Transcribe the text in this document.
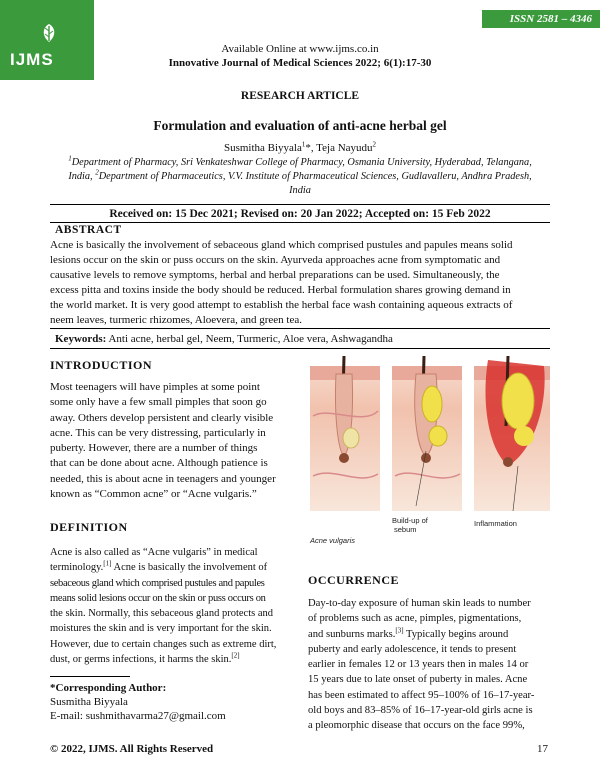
IJMS
ISSN 2581 – 4346
Available Online at www.ijms.co.in
Innovative Journal of Medical Sciences 2022; 6(1):17-30
RESEARCH ARTICLE
Formulation and evaluation of anti-acne herbal gel
Susmitha Biyyala$^1$*, Teja Nayudu$^2$
$^1$Department of Pharmacy, Sri Venkateshwar College of Pharmacy, Osmania University, Hyderabad, Telangana,
India, $^2$Department of Pharmaceutics, V.V. Institute of Pharmaceutical Sciences, Gudlavalleru, Andhra Pradesh,
India
Received on: 15 Dec 2021; Revised on: 20 Jan 2022; Accepted on: 15 Feb 2022
ABSTRACT
Acne is basically the involvement of sebaceous gland which comprised pustules and papules means solid
lesions occur on the skin or puss occurs on the skin. Ayurveda approaches acne from symptomatic and
causative levels to remove symptoms, herbal and herbal preparations can be used. Simultaneously, the
excess pitta and toxins inside the body should be reduced. Herbal formulation shares growing demand in
the world market. It is very good attempt to establish the herbal face wash containing aqueous extracts of
neem leaves, turmeric rhizomes, Aloevera, and green tea.
Keywords: Anti acne, herbal gel, Neem, Turmeric, Aloe vera, Ashwagandha
INTRODUCTION
Most teenagers will have pimples at some point
some only have a few small pimples that soon go
away. Others develop persistent and clearly visible
acne. This can be very distressing, particularly in
puberty. However, there are a number of things
that can be done about acne. Although patience is
needed, this is about acne in teenagers and younger
known as “Common acne” or “Acne vulgaris.”
DEFINITION
Acne is also called as “Acne vulgaris” in medical
terminology.[1] Acne is basically the involvement of
sebaceous gland which comprised pustules and papules
means solid lesions occur on the skin or puss occurs on
the skin. Normally, this sebaceous gland protects and
moistures the skin and is very important for the skin.
However, due to certain changes such as extreme dirt,
dust, or germs infections, it harms the skin.[2]
*Corresponding Author:
Susmitha Biyyala
E-mail: sushmithavarma27@gmail.com
Build-up of
sebum
Inflammation
Acne vulgaris
OCCURRENCE
Day-to-day exposure of human skin leads to number
of problems such as acne, pimples, pigmentations,
and sunburns marks.[3] Typically begins around
puberty and early adolescence, it tends to present
earlier in females 12 or 13 years then in males 14 or
15 years due to late onset of puberty in males. Acne
has been estimated to affect 95–100% of 16–17-year-
old boys and 83–85% of 16–17-year-old girls acne is
a pleomorphic disease that occurs on the face 99%,
© 2022, IJMS. All Rights Reserved	17
